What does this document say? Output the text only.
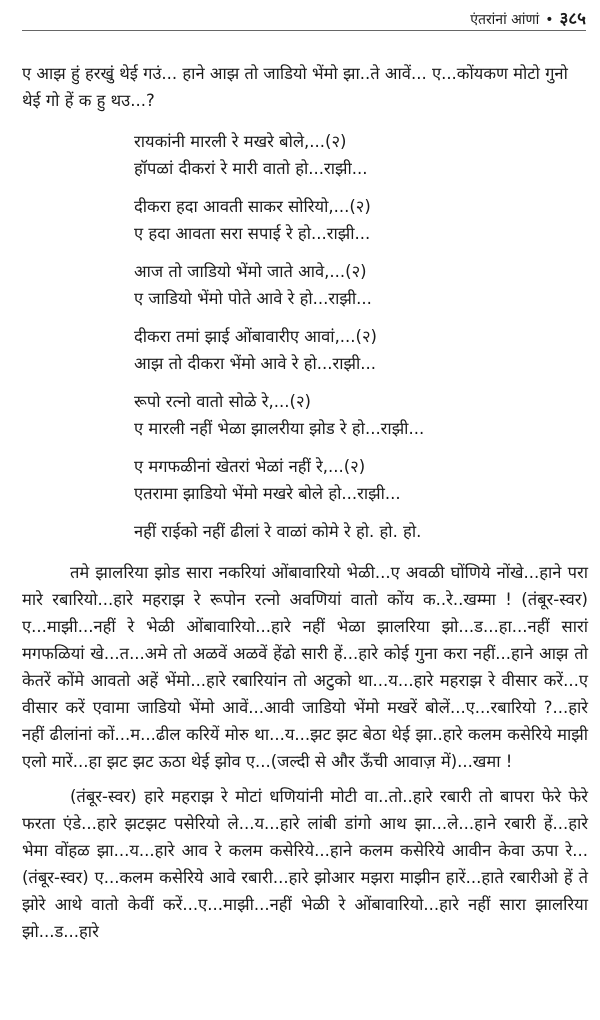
एंतरांनां आंणां • ३८५

ए आझ हुं हरखुं थेई गउं... हाने आझ तो जाडियो भेंमो झा..ते आवें... ए...कोंयकण मोटो गुनो थेई गो हें क हु थउ...?

रायकांनी मारली रे मखरे बोले,...(२)
हॉपळां दीकरां रे मारी वातो हो...राझी...
दीकरा हदा आवती साकर सोरियो,...(२)
ए हदा आवता सरा सपाई रे हो...राझी...
आज तो जाडियो भेंमो जाते आवे,...(२)
ए जाडियो भेंमो पोते आवे रे हो...राझी...
दीकरा तमां झाई ओंबावारीए आवां,...(२)
आझ तो दीकरा भेंमो आवे रे हो...राझी...
रूपो रत्नो वातो सोळे रे,...(२)
ए मारली नहीं भेळा झालरीया झोड रे हो...राझी...
ए मगफळीनां खेतरां भेळां नहीं रे,...(२)
एतरामा झाडियो भेंमो मखरे बोले हो...राझी...
नहीं राईको नहीं ढीलां रे वाळां कोमे रे हो. हो. हो.

तमे झालरिया झोड सारा नकरियां ओंबावारियो भेळी...ए अवळी घोंणिये नोंखे...हाने परा मारे रबारियो...हारे महराझ रे रूपोन रत्नो अवणियां वातो कोंय क..रे..खम्मा ! (तंबूर-स्वर) ए...माझी...नहीं रे भेळी ओंबावारियो...हारे नहीं भेळा झालरिया झो...ड...हा...नहीं सारां मगफळियां खे...त...अमे तो अळवें अळवें हेंढो सारी हें...हारे कोई गुना करा नहीं...हाने आझ तो केतरें कोंमे आवतो अहें भेंमो...हारे रबारियांन तो अटुको था...य...हारे महराझ रे वीसार करें...ए वीसार करें एवामा जाडियो भेंमो आवें...आवी जाडियो भेंमो मखरें बोलें...ए...रबारियो ?...हारे नहीं ढीलांनां कों...म...ढील करियें मोरु था...य...झट झट बेठा थेई झा..हारे कलम कसेरिये माझी एलो मारें...हा झट झट ऊठा थेई झोव ए...(जल्दी से और ऊँची आवाज़ में)...खमा !

(तंबूर-स्वर) हारे महराझ रे मोटां धणियांनी मोटी वा..तो..हारे रबारी तो बापरा फेरे फेरे फरता एंडे...हारे झटझट पसेरियो ले...य...हारे लांबी डांगो आथ झा...ले...हाने रबारी हें...हारे भेमा वोंहळ झा...य...हारे आव रे कलम कसेरिये...हाने कलम कसेरिये आवीन केवा ऊपा रे...(तंबूर-स्वर) ए...कलम कसेरिये आवे रबारी...हारे झोआर मझरा माझीन हारें...हाते रबारीओ हें ते झोरे आथे वातो केवीं करें...ए...माझी...नहीं भेळी रे ओंबावारियो...हारे नहीं सारा झालरिया झो...ड...हारे
